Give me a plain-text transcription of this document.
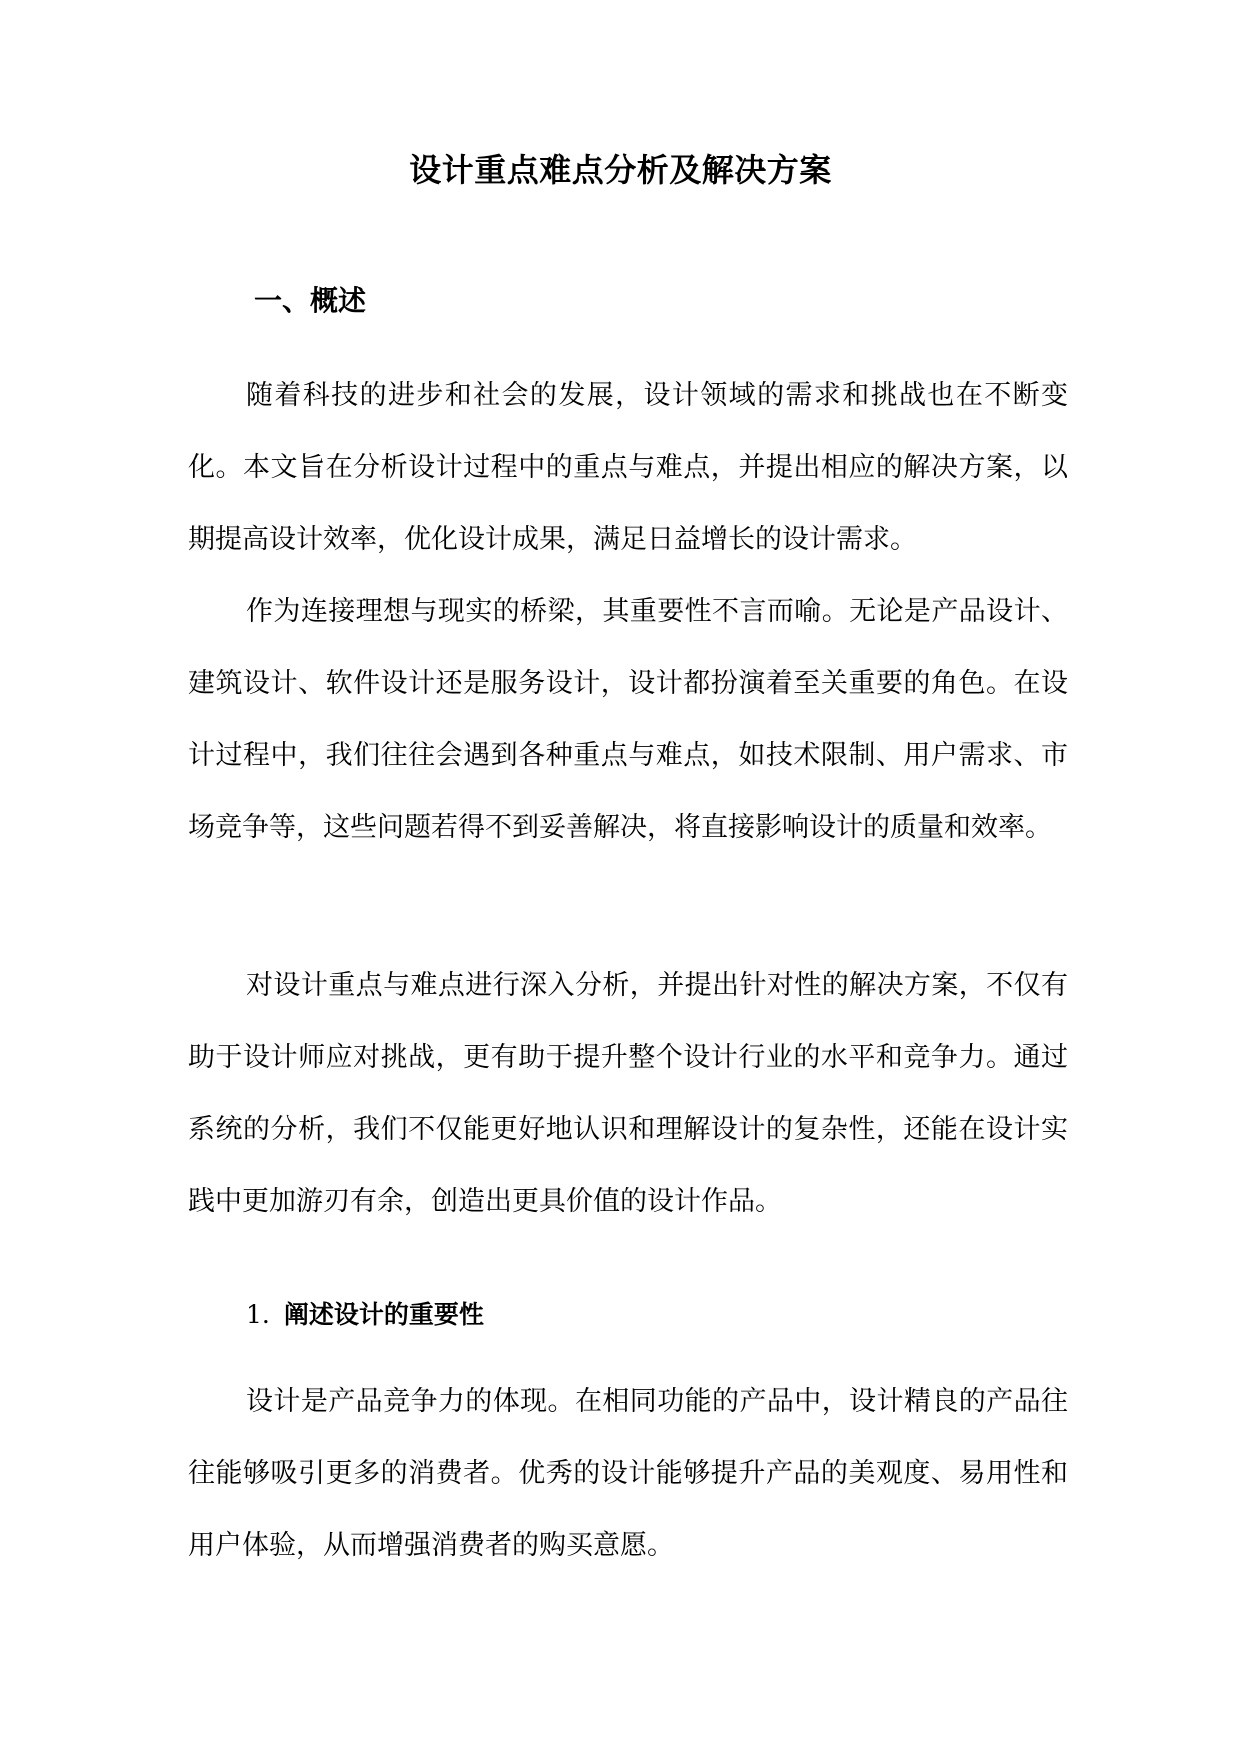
设计重点难点分析及解决方案
一、概述

随着科技的进步和社会的发展，设计领域的需求和挑战也在不断变化。本文旨在分析设计过程中的重点与难点，并提出相应的解决方案，以期提高设计效率，优化设计成果，满足日益增长的设计需求。

作为连接理想与现实的桥梁，其重要性不言而喻。无论是产品设计、建筑设计、软件设计还是服务设计，设计都扮演着至关重要的角色。在设计过程中，我们往往会遇到各种重点与难点，如技术限制、用户需求、市场竞争等，这些问题若得不到妥善解决，将直接影响设计的质量和效率。

对设计重点与难点进行深入分析，并提出针对性的解决方案，不仅有助于设计师应对挑战，更有助于提升整个设计行业的水平和竞争力。通过系统的分析，我们不仅能更好地认识和理解设计的复杂性，还能在设计实践中更加游刃有余，创造出更具价值的设计作品。

1. 阐述设计的重要性

设计是产品竞争力的体现。在相同功能的产品中，设计精良的产品往往能够吸引更多的消费者。优秀的设计能够提升产品的美观度、易用性和用户体验，从而增强消费者的购买意愿。
